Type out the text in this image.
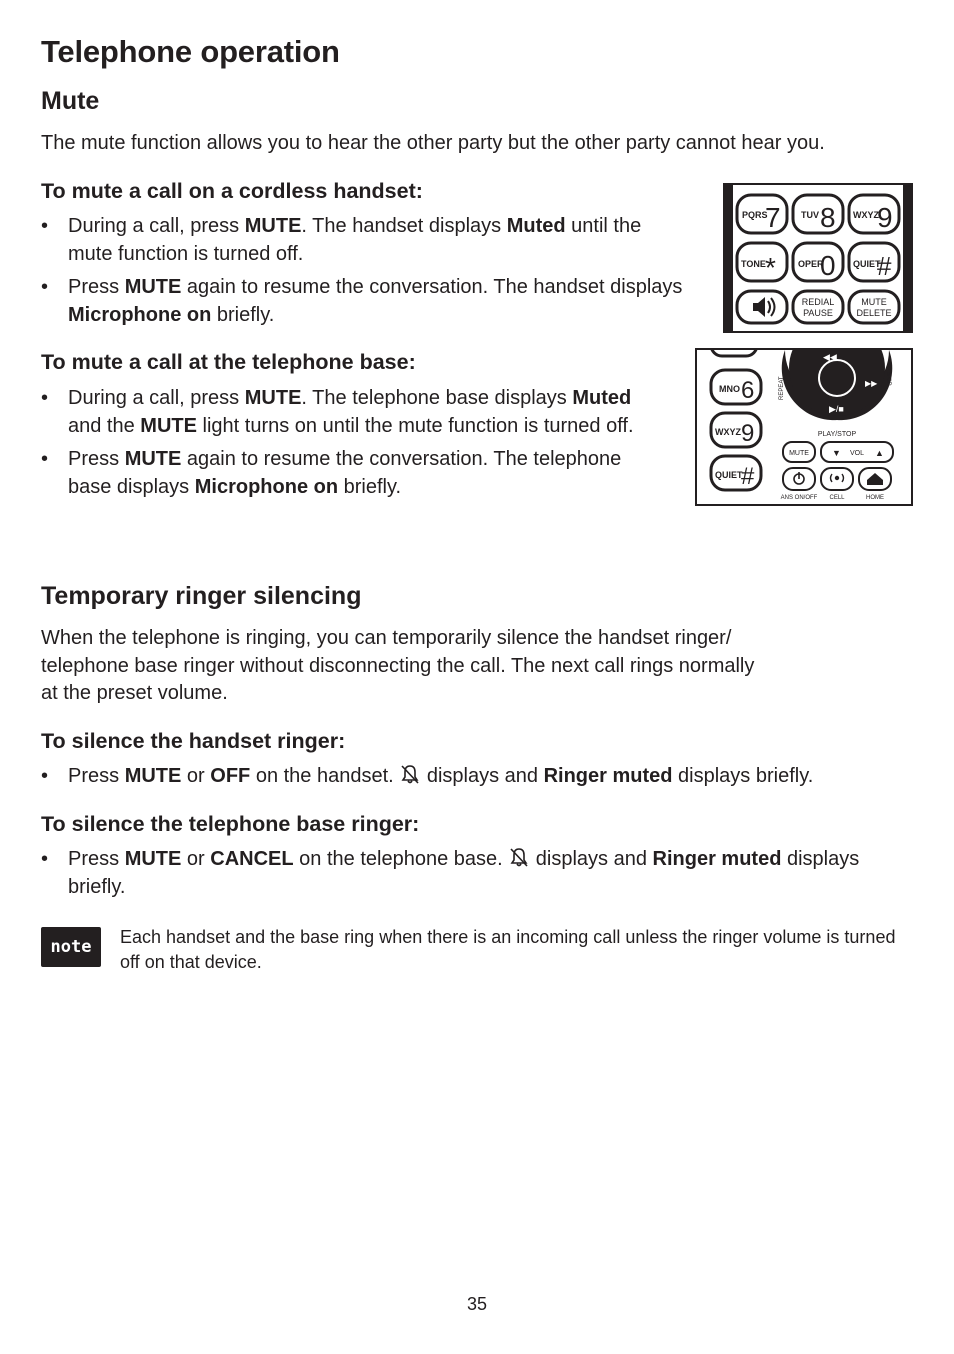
Telephone operation
Mute

The mute function allows you to hear the other party but the other party cannot hear you.

To mute a call on a cordless handset:
• During a call, press MUTE. The handset displays Muted until the mute function is turned off.
• Press MUTE again to resume the conversation. The handset displays Microphone on briefly.
To mute a call at the telephone base:
• During a call, press MUTE. The telephone base displays Muted and the MUTE light turns on until the mute function is turned off.
• Press MUTE again to resume the conversation. The telephone base displays Microphone on briefly.
PQRS
7 TUV 8 WXYZ
9
TONE * OPER
0 QUIET
#
REDIAL
PAUSE
MUTE
DELETE
MNO 6
WXYZ 9
QUIET
#
◀◀
▶/■
▶▶
REPEAT	SKIP
PLAY/STOP
MUTE	▼ VOL ▲
ANS ON/OFF CELL	HOME
Temporary ringer silencing

When the telephone is ringing, you can temporarily silence the handset ringer/
telephone base ringer without disconnecting the call. The next call rings normally
at the preset volume.

To silence the handset ringer:
• Press MUTE or OFF on the handset.  displays and Ringer muted displays briefly.
To silence the telephone base ringer:
• Press MUTE or CANCEL on the telephone base.  displays and Ringer muted displays briefly.
note	Each handset and the base ring when there is an incoming call unless the ringer volume is turned off on that device.

35
